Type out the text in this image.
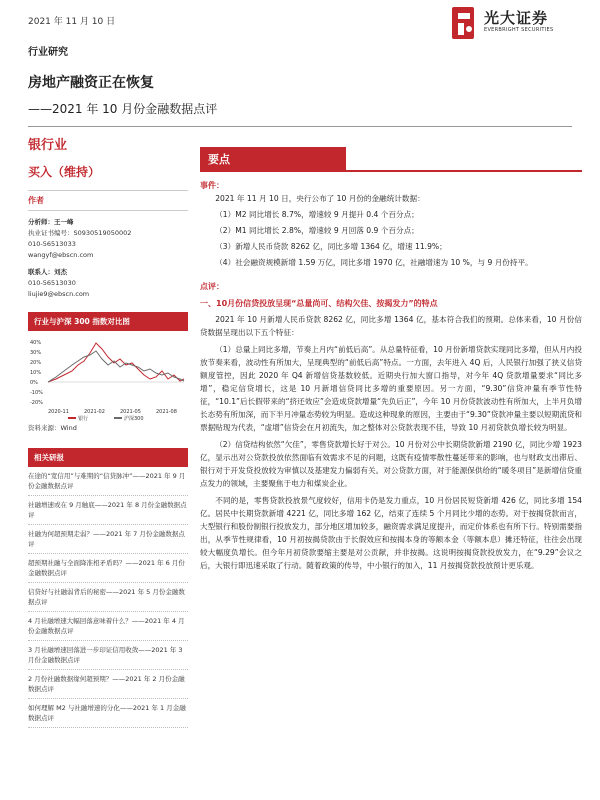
2021 年 11 月 10 日	光大证券
EVERBRIGHT SECURITIES
行业研究
房地产融资正在恢复
——2021 年 10 月份金融数据点评
银行业
买入（维持）
作者
分析师：王一峰
执业证书编号：S0930519050002
010-56513033
wangyf@ebscn.com
联系人：刘杰
010-56513030
liujie9@ebscn.com
行业与沪深 300 指数对比图
40%
30%
20%
10%
0%
-10%
-20%
2020-11	2021-02	2021-05	2021-08
银行	沪深300
资料来源：Wind
相关研报
在途的“宽信用”与难期的“信贷脉冲”——2021 年 9 月份金融数据点评
社融增速或在 9 月触底——2021 年 8 月份金融数据点评
社融为何超预期走弱？——2021 年 7 月份金融数据点评
超预期社融与全面降准相矛盾吗？——2021 年 6 月份金融数据点评
信贷好与社融弱背后的秘密——2021 年 5 月份金融数据点评
4 月社融增速大幅回落意味着什么？——2021 年 4 月份金融数据点评
3 月社融增速回落进一步印证信用收敛——2021 年 3 月份金融数据点评
2 月份社融数据缘何超预期？——2021 年 2 月份金融数据点评
如何理解 M2 与社融增速的分化——2021 年 1 月金融数据点评
要点
事件：

2021 年 11 月 10 日，央行公布了 10 月份的金融统计数据：

（1）M2 同比增长 8.7%，增速较 9 月提升 0.4 个百分点；

（2）M1 同比增长 2.8%，增速较 9 月回落 0.9 个百分点；

（3）新增人民币贷款 8262 亿，同比多增 1364 亿，增速 11.9%；

（4）社会融资规模新增 1.59 万亿，同比多增 1970 亿，社融增速为 10 %，与 9 月份持平。

点评：
一、10月份信贷投放呈现“总量尚可、结构欠佳、按揭发力”的特点

2021 年 10 月新增人民币贷款 8262 亿，同比多增 1364 亿，基本符合我们的预期。总体来看，10 月份信贷数据呈现出以下五个特征：

（1）总量上同比多增，节奏上月内“前低后高”。从总量特征看，10 月份新增贷款实现同比多增，但从月内投放节奏来看，波动性有所加大，呈现典型的“前低后高”特点。一方面，去年进入 4Q 后，人民银行加强了狭义信贷额度管控，因此 2020 年 Q4 新增信贷基数较低。近期央行加大窗口指导，对今年 4Q 贷款增量要求“同比多增”，稳定信贷增长，这是 10 月新增信贷同比多增的重要原因。另一方面，“9.30”信贷冲量有季节性特征，“10.1”后长假带来的“挤还效应”会造成贷款增量“先负后正”，今年 10 月份贷款波动性有所加大，上半月负增长态势有所加深，而下半月冲量态势较为明显。造成这种现象的原因，主要由于“9.30”贷款冲量主要以短期流贷和票据贴现为代表，“虚增”信贷会在月初流失，加之整体对公贷款表现不佳，导致 10 月初贷款负增长较为明显。

（2）信贷结构依然“欠佳”，零售贷款增长好于对公。10 月份对公中长期贷款新增 2190 亿，同比少增 1923 亿，显示出对公贷款投放依然面临有效需求不足的问题，这既有疫情零散性蔓延带来的影响，也与财政支出滞后、银行对于开发贷投放较为审慎以及基建发力偏弱有关。对公贷款方面，对于能源保供给的“暖冬项目”是新增信贷重点发力的领域，主要聚焦于电力和煤炭企业。

不同的是，零售贷款投放景气度较好，信用卡仍是发力重点，10 月份居民短贷新增 426 亿，同比多增 154 亿。居民中长期贷款新增 4221 亿，同比多增 162 亿，结束了连续 5 个月同比少增的态势。对于按揭贷款而言，大型银行和股份制银行投放发力，部分地区增加较多，融资需求满足度提升，而定价体系也有所下行。特别需要指出，从季节性规律看，10 月初按揭贷款由于长假效应和按揭本身的等额本金（等额本息）摊还特征，往往会出现较大幅度负增长。但今年月初贷款要缩主要是对公贡献，并非按揭。这说明按揭贷款投放发力，在“9.29”会议之后，大银行即迅速采取了行动。随着政策的传导，中小银行的加入，11 月按揭贷款投放预计更乐观。
